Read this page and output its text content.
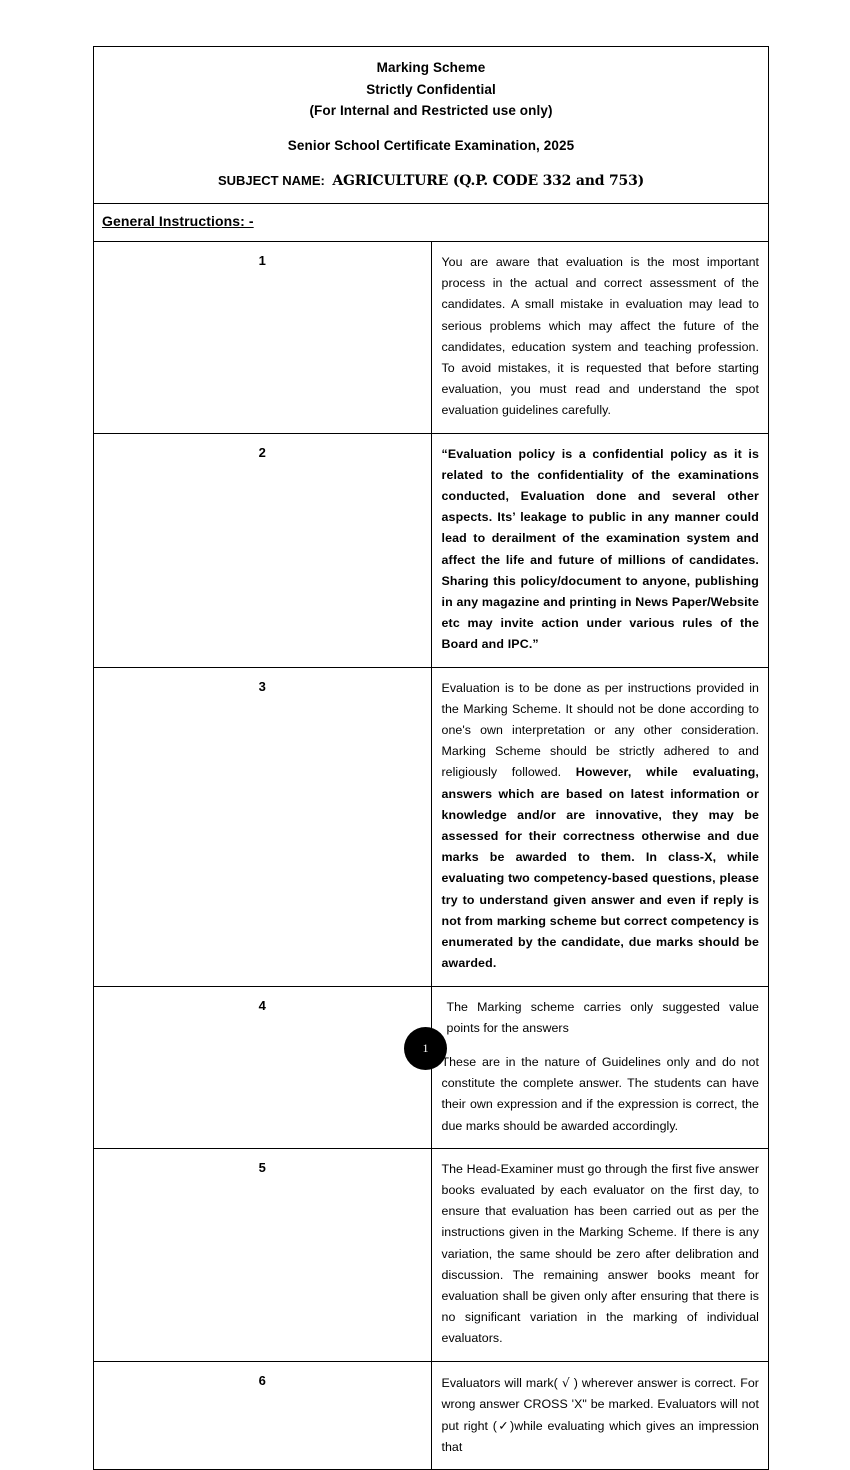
Marking Scheme
Strictly Confidential
(For Internal and Restricted use only)
Senior School Certificate Examination, 2025
SUBJECT NAME: AGRICULTURE (Q.P. CODE 332 and 753)	

General Instructions: -	
1	You are aware that evaluation is the most important process in the actual and correct assessment of the candidates. A small mistake in evaluation may lead to serious problems which may affect the future of the candidates, education system and teaching profession. To avoid mistakes, it is requested that before starting evaluation, you must read and understand the spot evaluation guidelines carefully.

2	“Evaluation policy is a confidential policy as it is related to the confidentiality of the examinations conducted, Evaluation done and several other aspects. Its’ leakage to public in any manner could lead to derailment of the examination system and affect the life and future of millions of candidates. Sharing this policy/document to anyone, publishing in any magazine and printing in News Paper/Website etc may invite action under various rules of the Board and IPC.”

3	Evaluation is to be done as per instructions provided in the Marking Scheme. It should not be done according to one's own interpretation or any other consideration. Marking Scheme should be strictly adhered to and religiously followed. However, while evaluating, answers which are based on latest information or knowledge and/or are innovative, they may be assessed for their correctness otherwise and due marks be awarded to them. In class-X, while evaluating two competency-based questions, please try to understand given answer and even if reply is not from marking scheme but correct competency is enumerated by the candidate, due marks should be awarded.

4	The Marking scheme carries only suggested value points for the answers

These are in the nature of Guidelines only and do not constitute the complete answer. The students can have their own expression and if the expression is correct, the due marks should be awarded accordingly.

5	The Head-Examiner must go through the first five answer books evaluated by each evaluator on the first day, to ensure that evaluation has been carried out as per the instructions given in the Marking Scheme. If there is any variation, the same should be zero after delibration and discussion. The remaining answer books meant for evaluation shall be given only after ensuring that there is no significant variation in the marking of individual evaluators.

6	Evaluators will mark( √ ) wherever answer is correct. For wrong answer CROSS 'X" be marked. Evaluators will not put right (✓)while evaluating which gives an impression that

1
